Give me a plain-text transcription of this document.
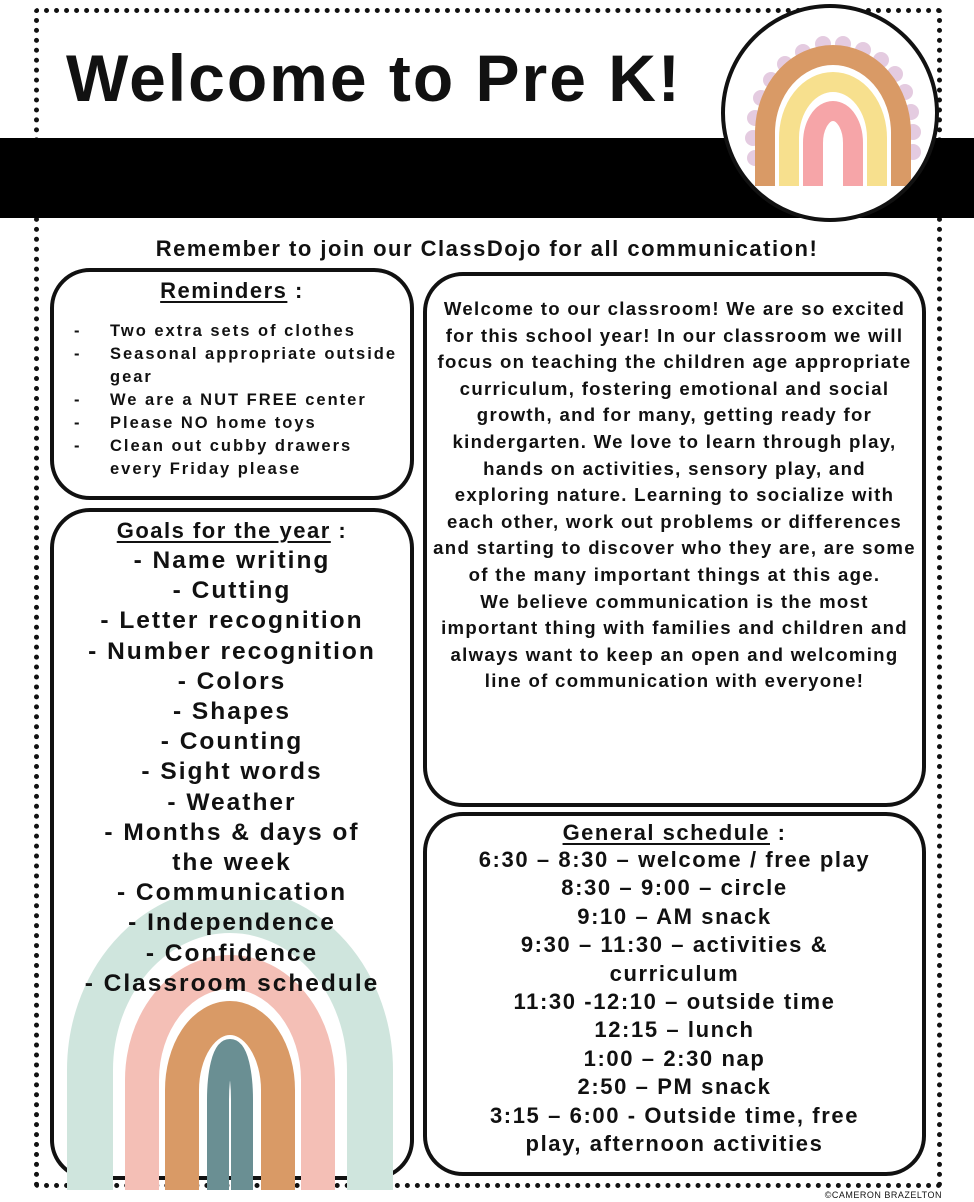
Welcome to Pre K!
Remember to join our ClassDojo for all communication!
Reminders :
- Two extra sets of clothes
- Seasonal appropriate outside gear
- We are a NUT FREE center
- Please NO home toys
- Clean out cubby drawers every Friday please
Goals for the year :
- Name writing
- Cutting
- Letter recognition
- Number recognition
- Colors
- Shapes
- Counting
- Sight words
- Weather
- Months & days of
the week
- Communication
- Independence
- Confidence
- Classroom schedule

Welcome to our classroom! We are so excited for this school year! In our classroom we will focus on teaching the children age appropriate curriculum, fostering emotional and social growth, and for many, getting ready for kindergarten. We love to learn through play, hands on activities, sensory play, and exploring nature. Learning to socialize with each other, work out problems or differences and starting to discover who they are, are some of the many important things at this age.

We believe communication is the most important thing with families and children and always want to keep an open and welcoming line of communication with everyone!

General schedule :
6:30 – 8:30 – welcome / free play
8:30 – 9:00 – circle
9:10 – AM snack
9:30 – 11:30 – activities &
curriculum
11:30 -12:10 – outside time
12:15 – lunch
1:00 – 2:30 nap
2:50 – PM snack
3:15 – 6:00 - Outside time, free
play, afternoon activities
©CAMERON BRAZELTON
